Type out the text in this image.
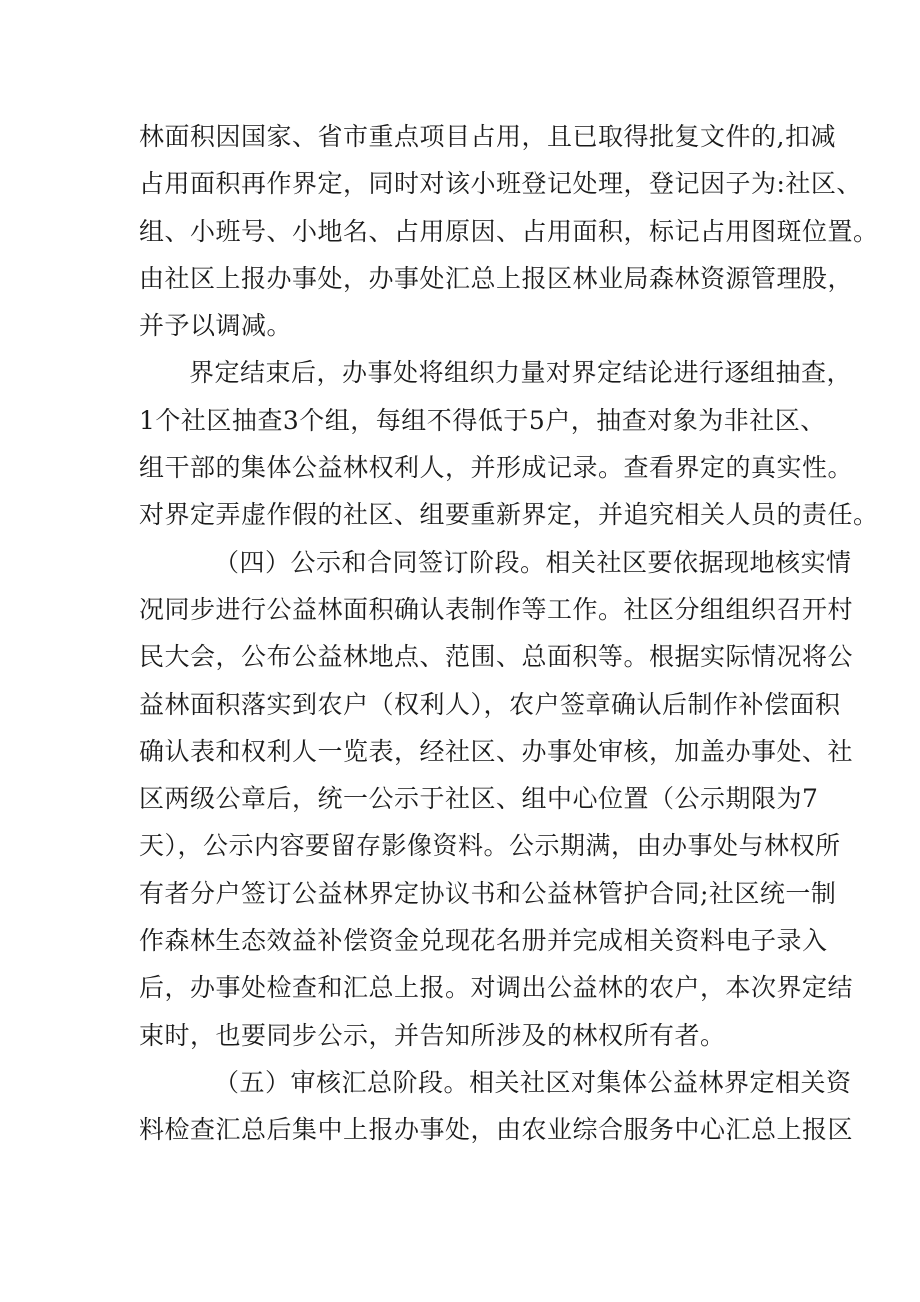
林面积因国家、省市重点项目占用，且已取得批复文件的,扣减
占用面积再作界定，同时对该小班登记处理，登记因子为:社区、
组、小班号、小地名、占用原因、占用面积，标记占用图斑位置。
由社区上报办事处，办事处汇总上报区林业局森林资源管理股，
并予以调减。

界定结束后，办事处将组织力量对界定结论进行逐组抽查，
1个社区抽查3个组，每组不得低于5户，抽查对象为非社区、
组干部的集体公益林权利人，并形成记录。查看界定的真实性。
对界定弄虚作假的社区、组要重新界定，并追究相关人员的责任。

（四）公示和合同签订阶段。相关社区要依据现地核实情
况同步进行公益林面积确认表制作等工作。社区分组组织召开村
民大会，公布公益林地点、范围、总面积等。根据实际情况将公
益林面积落实到农户（权利人），农户签章确认后制作补偿面积
确认表和权利人一览表，经社区、办事处审核，加盖办事处、社
区两级公章后，统一公示于社区、组中心位置（公示期限为7
天），公示内容要留存影像资料。公示期满，由办事处与林权所
有者分户签订公益林界定协议书和公益林管护合同;社区统一制
作森林生态效益补偿资金兑现花名册并完成相关资料电子录入
后，办事处检查和汇总上报。对调出公益林的农户，本次界定结
束时，也要同步公示，并告知所涉及的林权所有者。

（五）审核汇总阶段。相关社区对集体公益林界定相关资
料检查汇总后集中上报办事处，由农业综合服务中心汇总上报区
